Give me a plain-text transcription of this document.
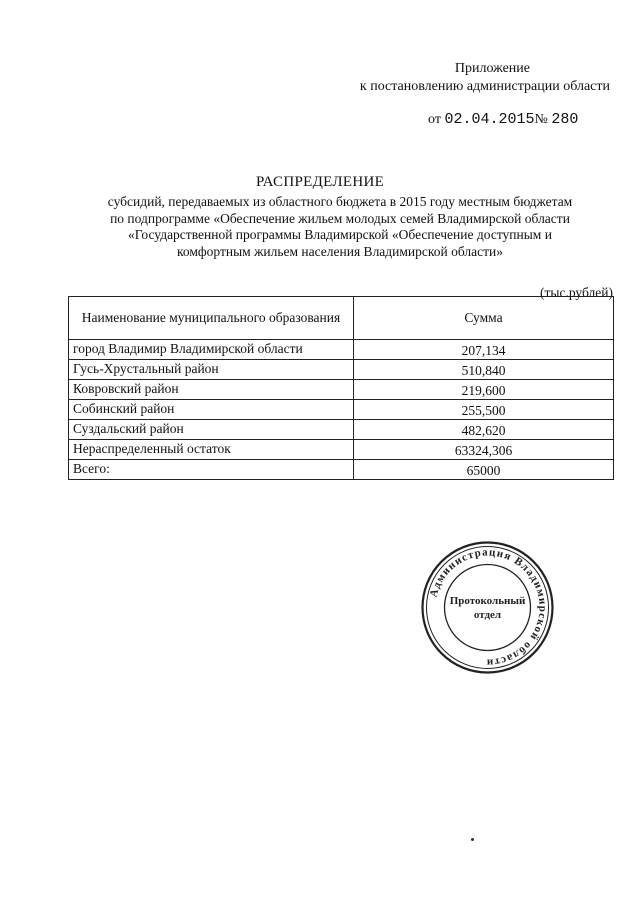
Приложение
к постановлению администрации области
от 02.04.2015№ 280
РАСПРЕДЕЛЕНИЕ
субсидий, передаваемых из областного бюджета в 2015 году местным бюджетам
по подпрограмме «Обеспечение жильем молодых семей Владимирской области
«Государственной программы Владимирской «Обеспечение доступным и
комфортным жильем населения Владимирской области»
(тыс.рублей)
Наименование муниципального образования	Сумма
город Владимир Владимирской области	207,134
Гусь-Хрустальный район	510,840
Ковровский район	219,600
Собинский район	255,500
Суздальский район	482,620
Нераспределенный остаток	63324,306
Всего:	65000
Администрация Владимирской области
Протокольный
отдел
